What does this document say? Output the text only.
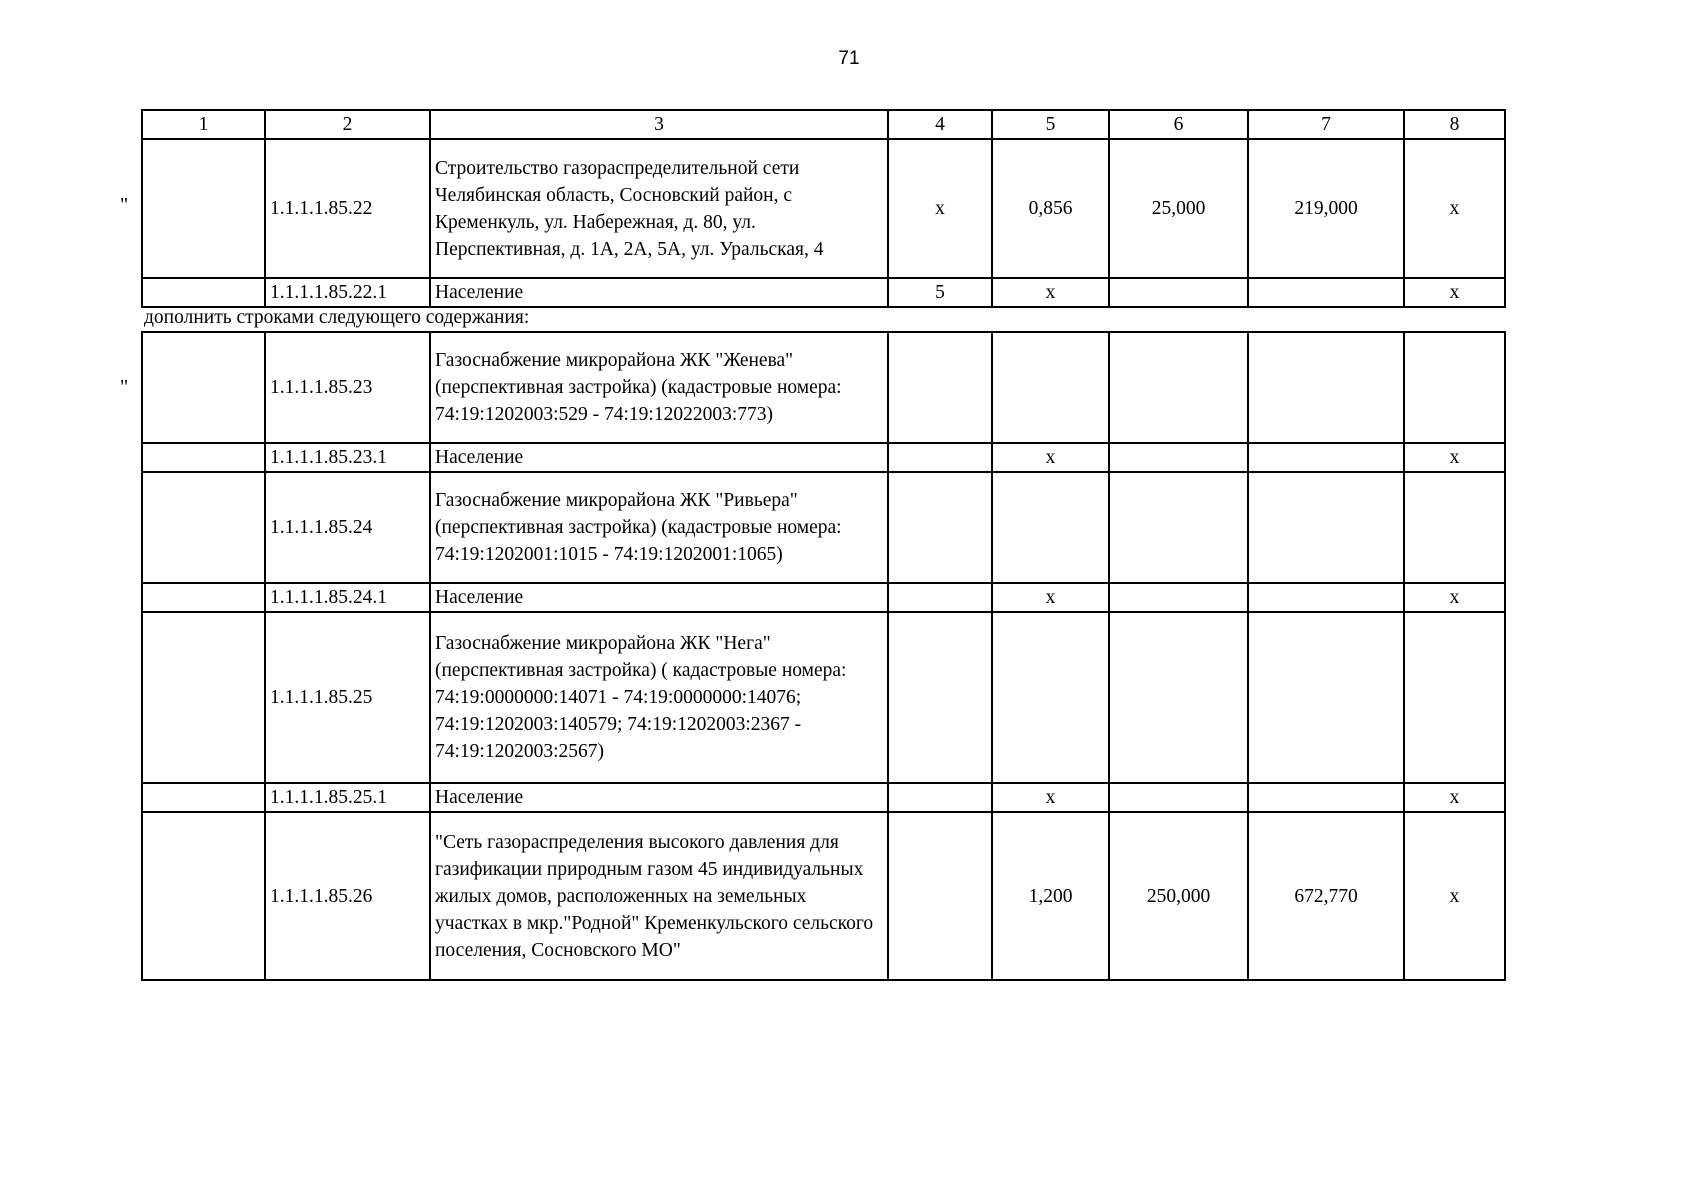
71
"
"
1	2	3	4	5	6	7	8
	1.1.1.1.85.22	Строительство газораспределительной сети Челябинская область, Сосновский район, с Кременкуль, ул. Набережная, д. 80, ул. Перспективная, д. 1А, 2А, 5А, ул. Уральская, 4	x	0,856	25,000	219,000	x
	1.1.1.1.85.22.1	Население	5	x			x
дополнить строками следующего содержания:
	1.1.1.1.85.23	Газоснабжение микрорайона ЖК "Женева" (перспективная застройка) (кадастровые номера: 74:19:1202003:529 - 74:19:12022003:773)					
	1.1.1.1.85.23.1	Население		x			x
	1.1.1.1.85.24	Газоснабжение микрорайона ЖК "Ривьера" (перспективная застройка) (кадастровые номера: 74:19:1202001:1015 - 74:19:1202001:1065)					
	1.1.1.1.85.24.1	Население		x			x
	1.1.1.1.85.25	Газоснабжение микрорайона ЖК "Нега" (перспективная застройка) ( кадастровые номера: 74:19:0000000:14071 - 74:19:0000000:14076; 74:19:1202003:140579; 74:19:1202003:2367 - 74:19:1202003:2567)					
	1.1.1.1.85.25.1	Население		x			x
	1.1.1.1.85.26	"Сеть газораспределения высокого давления для газификации природным газом 45 индивидуальных жилых домов, расположенных на земельных участках в мкр."Родной" Кременкульского сельского поселения, Сосновского МО"		1,200	250,000	672,770	x
